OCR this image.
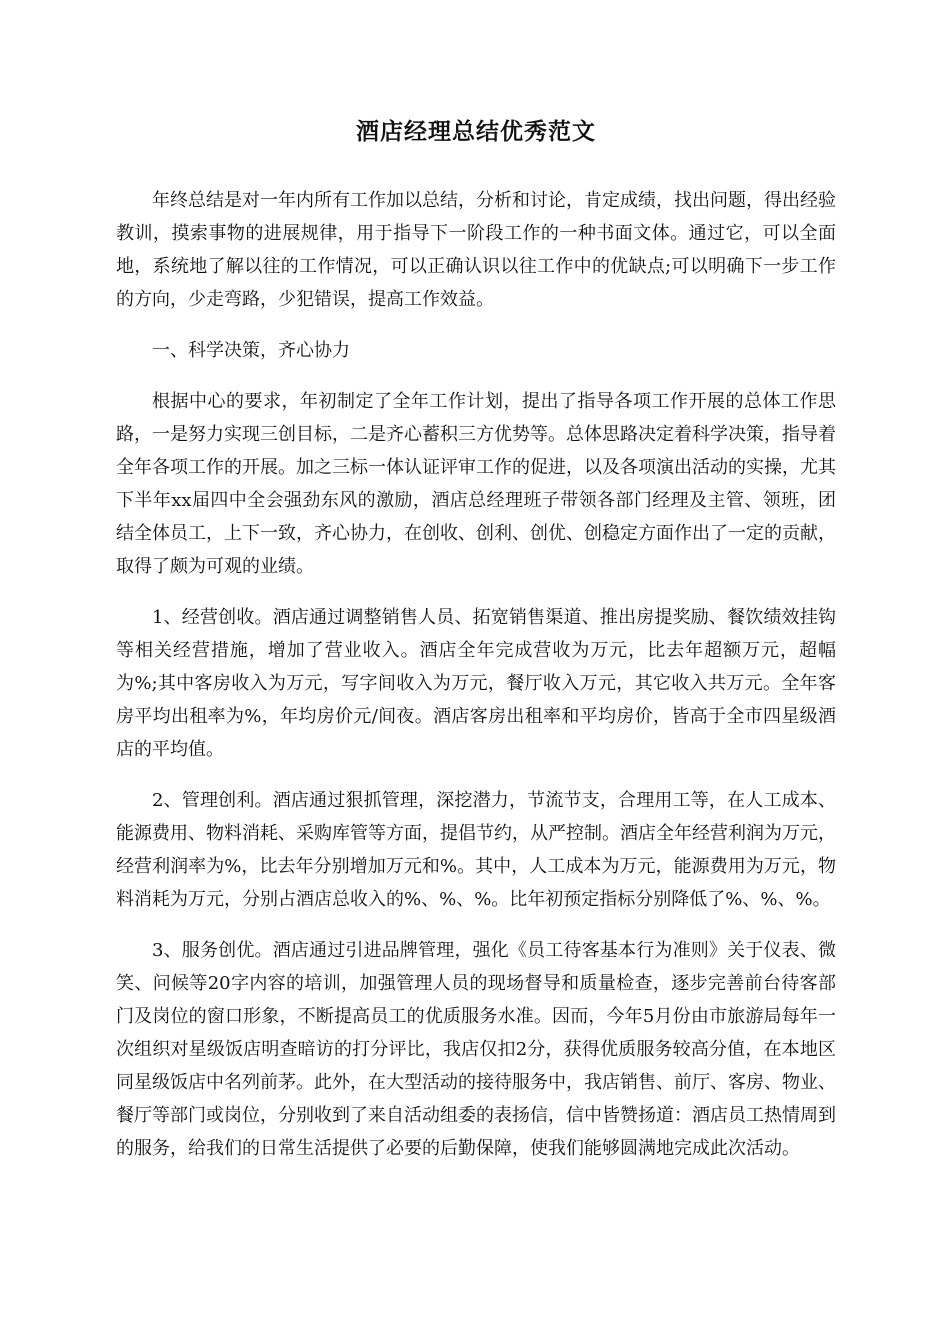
酒店经理总结优秀范文

年终总结是对一年内所有工作加以总结，分析和讨论，肯定成绩，找出问题，得出经验教训，摸索事物的进展规律，用于指导下一阶段工作的一种书面文体。通过它，可以全面地，系统地了解以往的工作情况，可以正确认识以往工作中的优缺点;可以明确下一步工作的方向，少走弯路，少犯错误，提高工作效益。

一、科学决策，齐心协力

根据中心的要求，年初制定了全年工作计划，提出了指导各项工作开展的总体工作思路，一是努力实现三创目标，二是齐心蓄积三方优势等。总体思路决定着科学决策，指导着全年各项工作的开展。加之三标一体认证评审工作的促进，以及各项演出活动的实操，尤其下半年xx届四中全会强劲东风的激励，酒店总经理班子带领各部门经理及主管、领班，团结全体员工，上下一致，齐心协力，在创收、创利、创优、创稳定方面作出了一定的贡献，取得了颇为可观的业绩。

1、经营创收。酒店通过调整销售人员、拓宽销售渠道、推出房提奖励、餐饮绩效挂钩等相关经营措施，增加了营业收入。酒店全年完成营收为万元，比去年超额万元，超幅为%;其中客房收入为万元，写字间收入为万元，餐厅收入万元，其它收入共万元。全年客房平均出租率为%，年均房价元/间夜。酒店客房出租率和平均房价，皆高于全市四星级酒店的平均值。

2、管理创利。酒店通过狠抓管理，深挖潜力，节流节支，合理用工等，在人工成本、能源费用、物料消耗、采购库管等方面，提倡节约，从严控制。酒店全年经营利润为万元，经营利润率为%，比去年分别增加万元和%。其中，人工成本为万元，能源费用为万元，物料消耗为万元，分别占酒店总收入的%、%、%。比年初预定指标分别降低了%、%、%。

3、服务创优。酒店通过引进品牌管理，强化《员工待客基本行为准则》关于仪表、微笑、问候等20字内容的培训，加强管理人员的现场督导和质量检查，逐步完善前台待客部门及岗位的窗口形象，不断提高员工的优质服务水准。因而，今年5月份由市旅游局每年一次组织对星级饭店明查暗访的打分评比，我店仅扣2分，获得优质服务较高分值，在本地区同星级饭店中名列前茅。此外，在大型活动的接待服务中，我店销售、前厅、客房、物业、餐厅等部门或岗位，分别收到了来自活动组委的表扬信，信中皆赞扬道：酒店员工热情周到的服务，给我们的日常生活提供了必要的后勤保障，使我们能够圆满地完成此次活动。
